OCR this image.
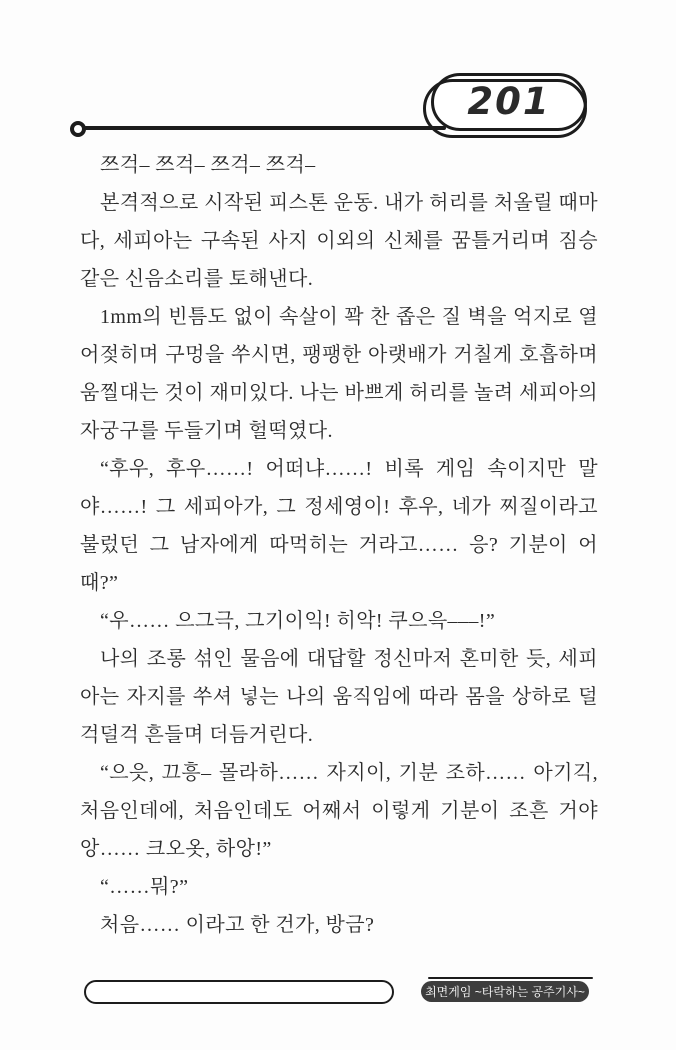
201

쯔걱– 쯔걱– 쯔걱– 쯔걱–

본격적으로 시작된 피스톤 운동. 내가 허리를 처올릴 때마다, 세피아는 구속된 사지 이외의 신체를 꿈틀거리며 짐승 같은 신음소리를 토해낸다.

1mm의 빈틈도 없이 속살이 꽉 찬 좁은 질 벽을 억지로 열어젖히며 구멍을 쑤시면, 팽팽한 아랫배가 거칠게 호흡하며 움찔대는 것이 재미있다. 나는 바쁘게 허리를 놀려 세피아의 자궁구를 두들기며 헐떡였다.

“후우, 후우……! 어떠냐……! 비록 게임 속이지만 말야……! 그 세피아가, 그 정세영이! 후우, 네가 찌질이라고 불렀던 그 남자에게 따먹히는 거라고…… 응? 기분이 어때?”

“우…… 으그극, 그기이익! 히악! 쿠으윽–––!”

나의 조롱 섞인 물음에 대답할 정신마저 혼미한 듯, 세피아는 자지를 쑤셔 넣는 나의 움직임에 따라 몸을 상하로 덜걱덜걱 흔들며 더듬거린다.

“으읏, 끄흥– 몰라하…… 자지이, 기분 조하…… 아기긱, 처음인데에, 처음인데도 어째서 이렇게 기분이 조흔 거야앙…… 크오옷, 하앙!”

“……뭐?”

처음…… 이라고 한 건가, 방금?

최면게임 ~타락하는 공주기사~
